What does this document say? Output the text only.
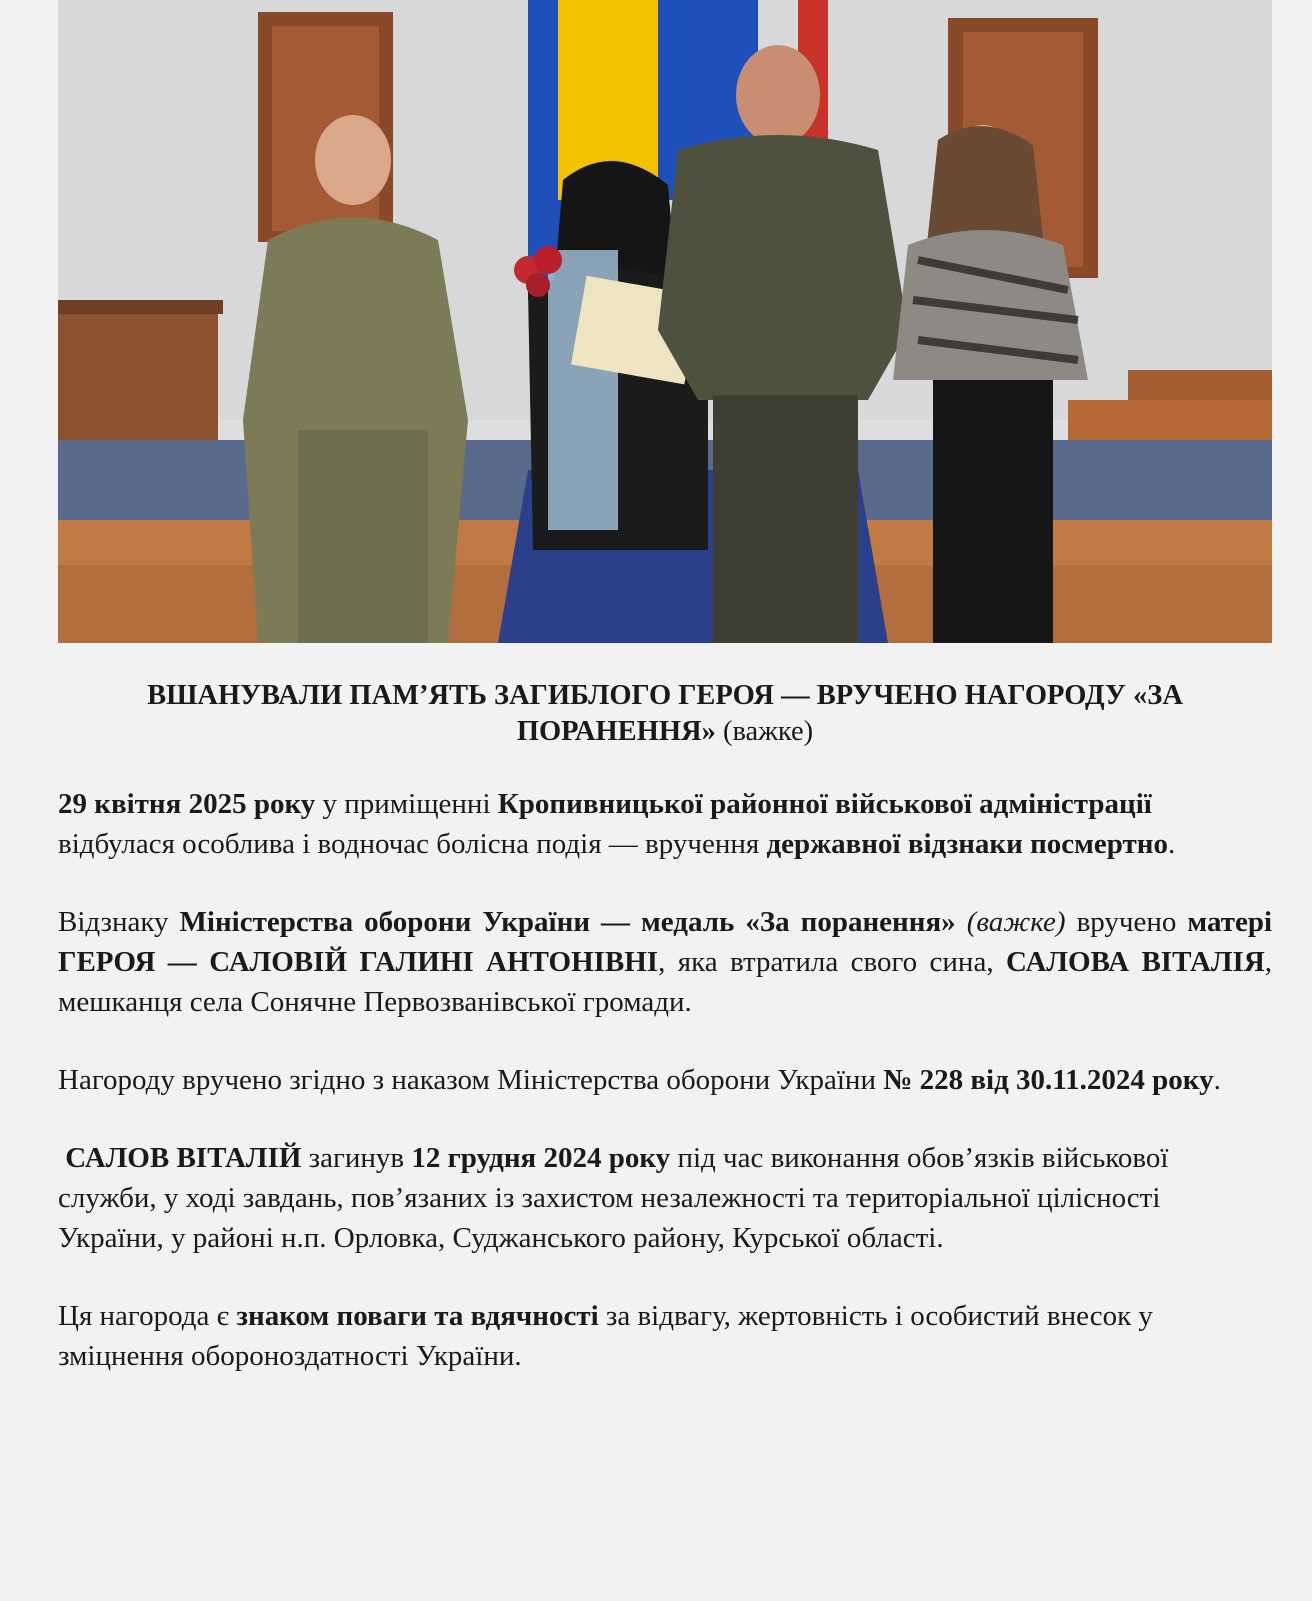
ВШАНУВАЛИ ПАМ’ЯТЬ ЗАГИБЛОГО ГЕРОЯ — ВРУЧЕНО НАГОРОДУ «ЗА ПОРАНЕННЯ» (важке)
29 квітня 2025 року у приміщенні Кропивницької районної військової адміністрації відбулася особлива і водночас болісна подія — вручення державної відзнаки посмертно.
Відзнаку Міністерства оборони України — медаль «За поранення» (важке) вручено матері ГЕРОЯ — САЛОВІЙ ГАЛИНІ АНТОНІВНІ, яка втратила свого сина, САЛОВА ВІТАЛІЯ, мешканця села Сонячне Первозванівської громади.
Нагороду вручено згідно з наказом Міністерства оборони України № 228 від 30.11.2024 року.
САЛОВ ВІТАЛІЙ загинув 12 грудня 2024 року під час виконання обов’язків військової служби, у ході завдань, пов’язаних із захистом незалежності та територіальної цілісності України, у районі н.п. Орловка, Суджанського району, Курської області.
Ця нагорода є знаком поваги та вдячності за відвагу, жертовність і особистий внесок у зміцнення обороноздатності України.
